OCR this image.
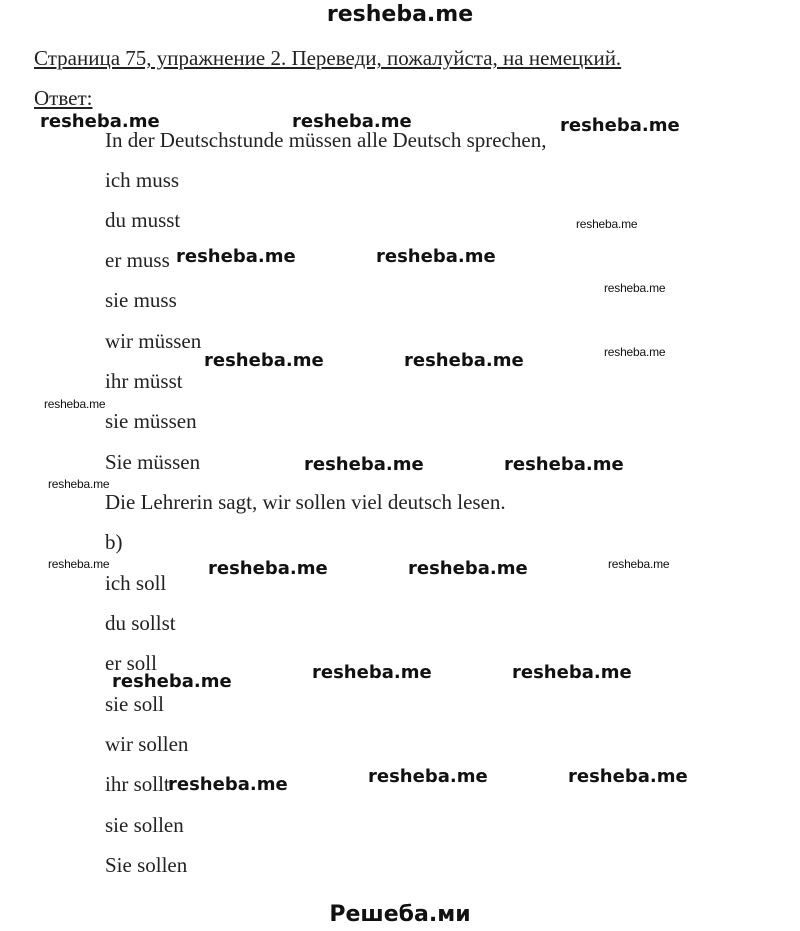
resheba.me
Страница 75, упражнение 2. Переведи, пожалуйста, на немецкий.
Ответ:
In der Deutschstunde müssen alle Deutsch sprechen,
ich muss
du musst
er muss
sie muss
wir müssen
ihr müsst
sie müssen
Sie müssen
Die Lehrerin sagt, wir sollen viel deutsch lesen.
b)
ich soll
du sollst
er soll
sie soll
wir sollen
ihr sollt
sie sollen
Sie sollen
resheba.me	resheba.me	resheba.me
resheba.me	resheba.me
resheba.me	resheba.me
resheba.me	resheba.me
resheba.me	resheba.me
resheba.me	resheba.me	resheba.me
resheba.me	resheba.me	resheba.me
resheba.me
resheba.me
resheba.me
resheba.me
resheba.me
resheba.me	resheba.me
Решеба.ми
